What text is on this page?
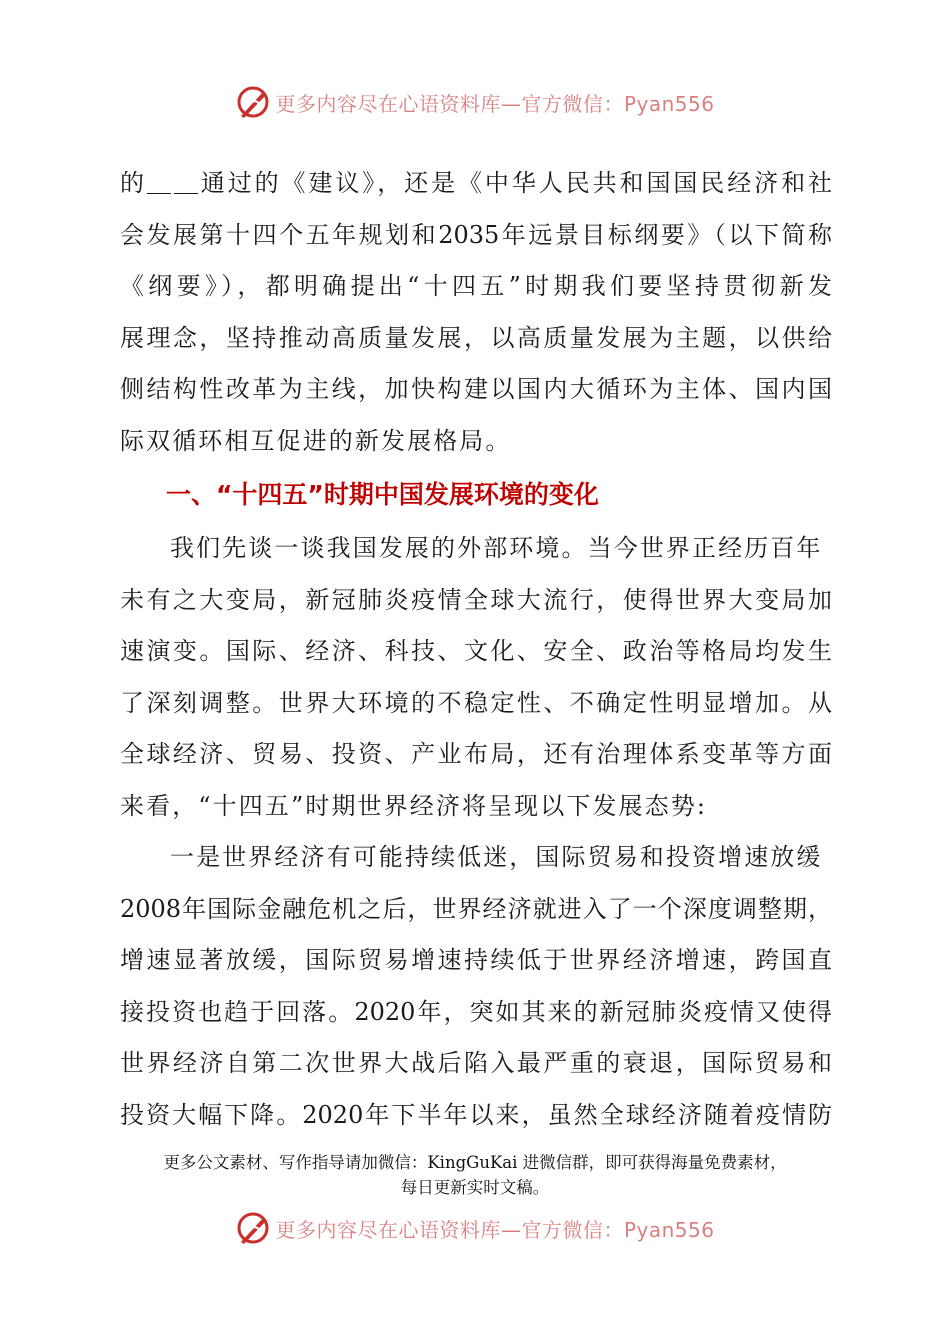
更多内容尽在心语资料库—官方微信：Pyan556
的＿＿通过的《建议》，还是《中华人民共和国国民经济和社
会发展第十四个五年规划和2035年远景目标纲要》（以下简称
《纲要》），都明确提出“十四五”时期我们要坚持贯彻新发
展理念，坚持推动高质量发展，以高质量发展为主题，以供给
侧结构性改革为主线，加快构建以国内大循环为主体、国内国
际双循环相互促进的新发展格局。
一、“十四五”时期中国发展环境的变化
我们先谈一谈我国发展的外部环境。当今世界正经历百年
未有之大变局，新冠肺炎疫情全球大流行，使得世界大变局加
速演变。国际、经济、科技、文化、安全、政治等格局均发生
了深刻调整。世界大环境的不稳定性、不确定性明显增加。从
全球经济、贸易、投资、产业布局，还有治理体系变革等方面
来看，“十四五”时期世界经济将呈现以下发展态势:
一是世界经济有可能持续低迷，国际贸易和投资增速放缓
2008年国际金融危机之后，世界经济就进入了一个深度调整期，
增速显著放缓，国际贸易增速持续低于世界经济增速，跨国直
接投资也趋于回落。2020年，突如其来的新冠肺炎疫情又使得
世界经济自第二次世界大战后陷入最严重的衰退，国际贸易和
投资大幅下降。2020年下半年以来，虽然全球经济随着疫情防
更多公文素材、写作指导请加微信：KingGuKai 进微信群，即可获得海量免费素材，
每日更新实时文稿。
更多内容尽在心语资料库—官方微信：Pyan556
